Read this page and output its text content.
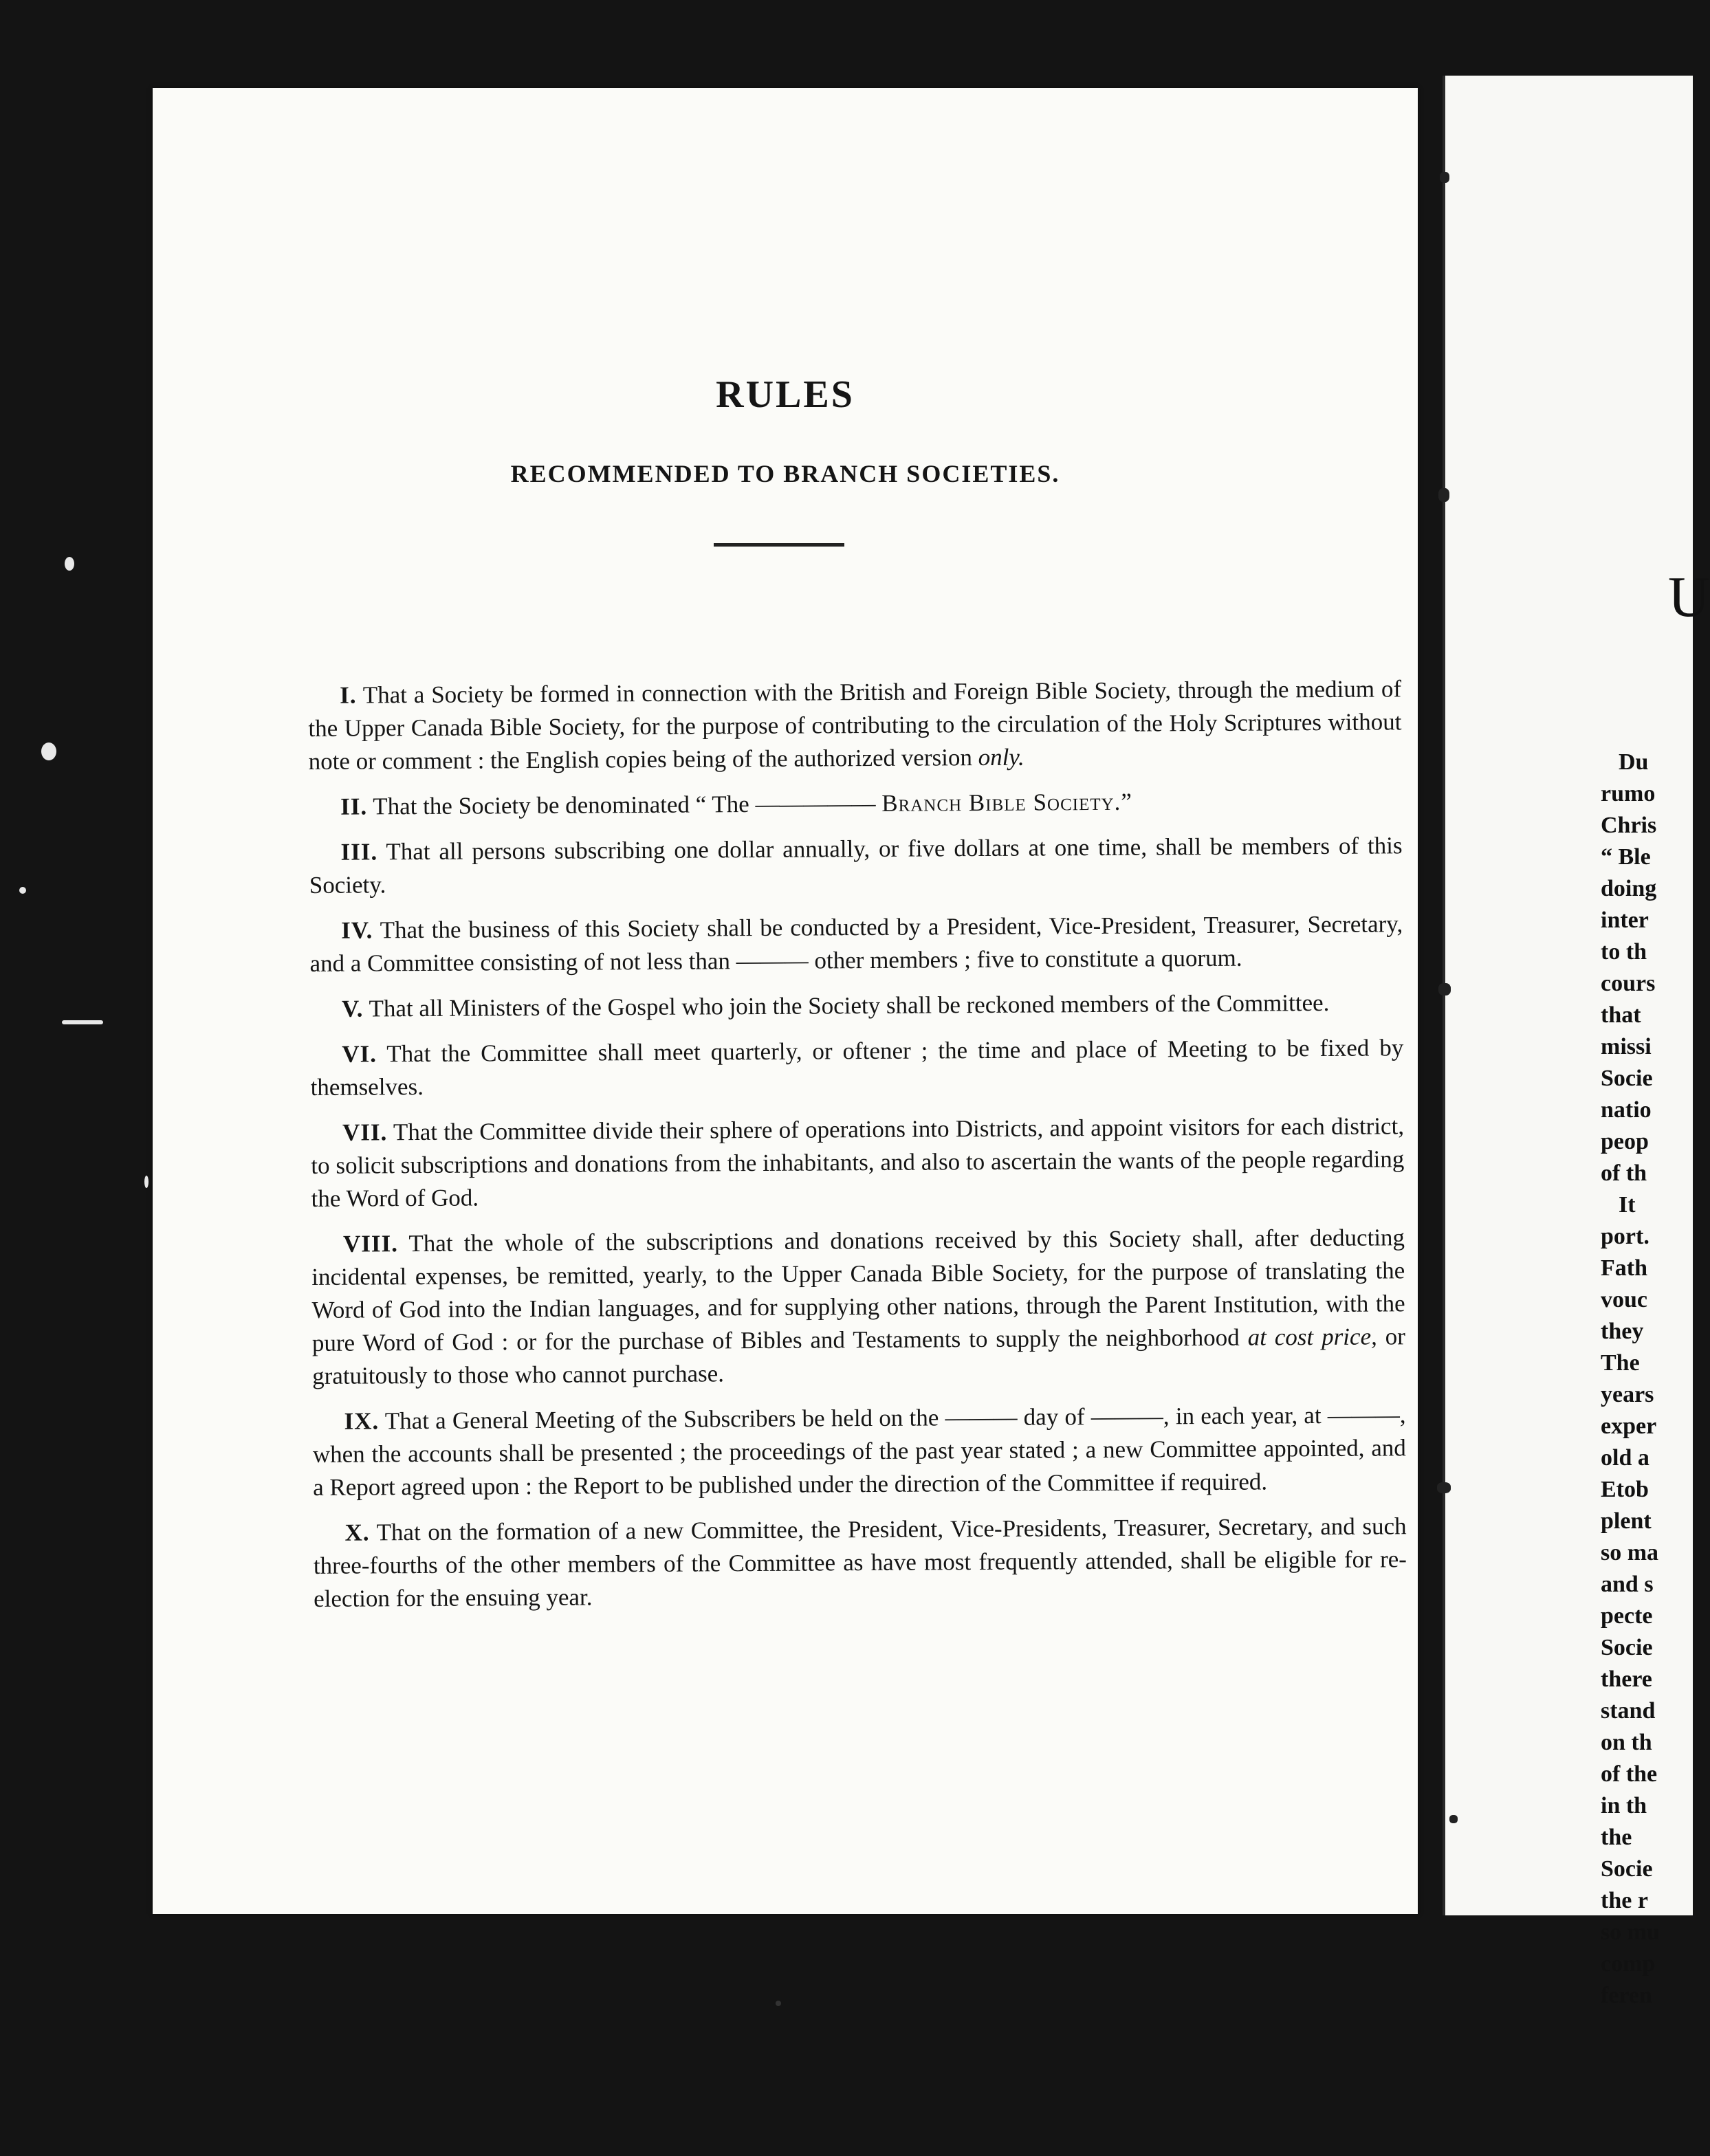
RULES
RECOMMENDED TO BRANCH SOCIETIES.

I. That a Society be formed in connection with the British and Foreign Bible Society, through the medium of the Upper Canada Bible Society, for the purpose of contributing to the circulation of the Holy Scriptures without note or comment : the English copies being of the authorized version only.

II. That the Society be denominated “ The ————— Branch Bible Society.”

III. That all persons subscribing one dollar annually, or five dollars at one time, shall be members of this Society.

IV. That the business of this Society shall be conducted by a President, Vice-President, Treasurer, Secretary, and a Committee consisting of not less than ——— other members ; five to constitute a quorum.

V. That all Ministers of the Gospel who join the Society shall be reckoned members of the Committee.

VI. That the Committee shall meet quarterly, or oftener ; the time and place of Meeting to be fixed by themselves.

VII. That the Committee divide their sphere of operations into Districts, and appoint visitors for each district, to solicit subscriptions and donations from the inhabitants, and also to ascertain the wants of the people regarding the Word of God.

VIII. That the whole of the subscriptions and donations received by this Society shall, after deducting incidental expenses, be remitted, yearly, to the Upper Canada Bible Society, for the purpose of translating the Word of God into the Indian languages, and for supplying other nations, through the Parent Institution, with the pure Word of God : or for the purchase of Bibles and Testaments to supply the neighborhood at cost price, or gratuitously to those who cannot purchase.

IX. That a General Meeting of the Subscribers be held on the ——— day of ———, in each year, at ———, when the accounts shall be presented ; the proceedings of the past year stated ; a new Committee appointed, and a Report agreed upon : the Report to be published under the direction of the Committee if required.

X. That on the formation of a new Committee, the President, Vice-Presidents, Treasurer, Secretary, and such three-fourths of the other members of the Committee as have most frequently attended, shall be eligible for re-election for the ensuing year.

U
Du
rumo
Chris
“ Ble
doing
inter
to th
cours
that
missi
Socie
natio
peop
of th
It
port.
Fath
vouc
they
The
years
exper
old a
Etob
plent
so ma
and s
pecte
Socie
there
stand
on th
of the
in th
the
Socie
the r
so mu
comp
feren
